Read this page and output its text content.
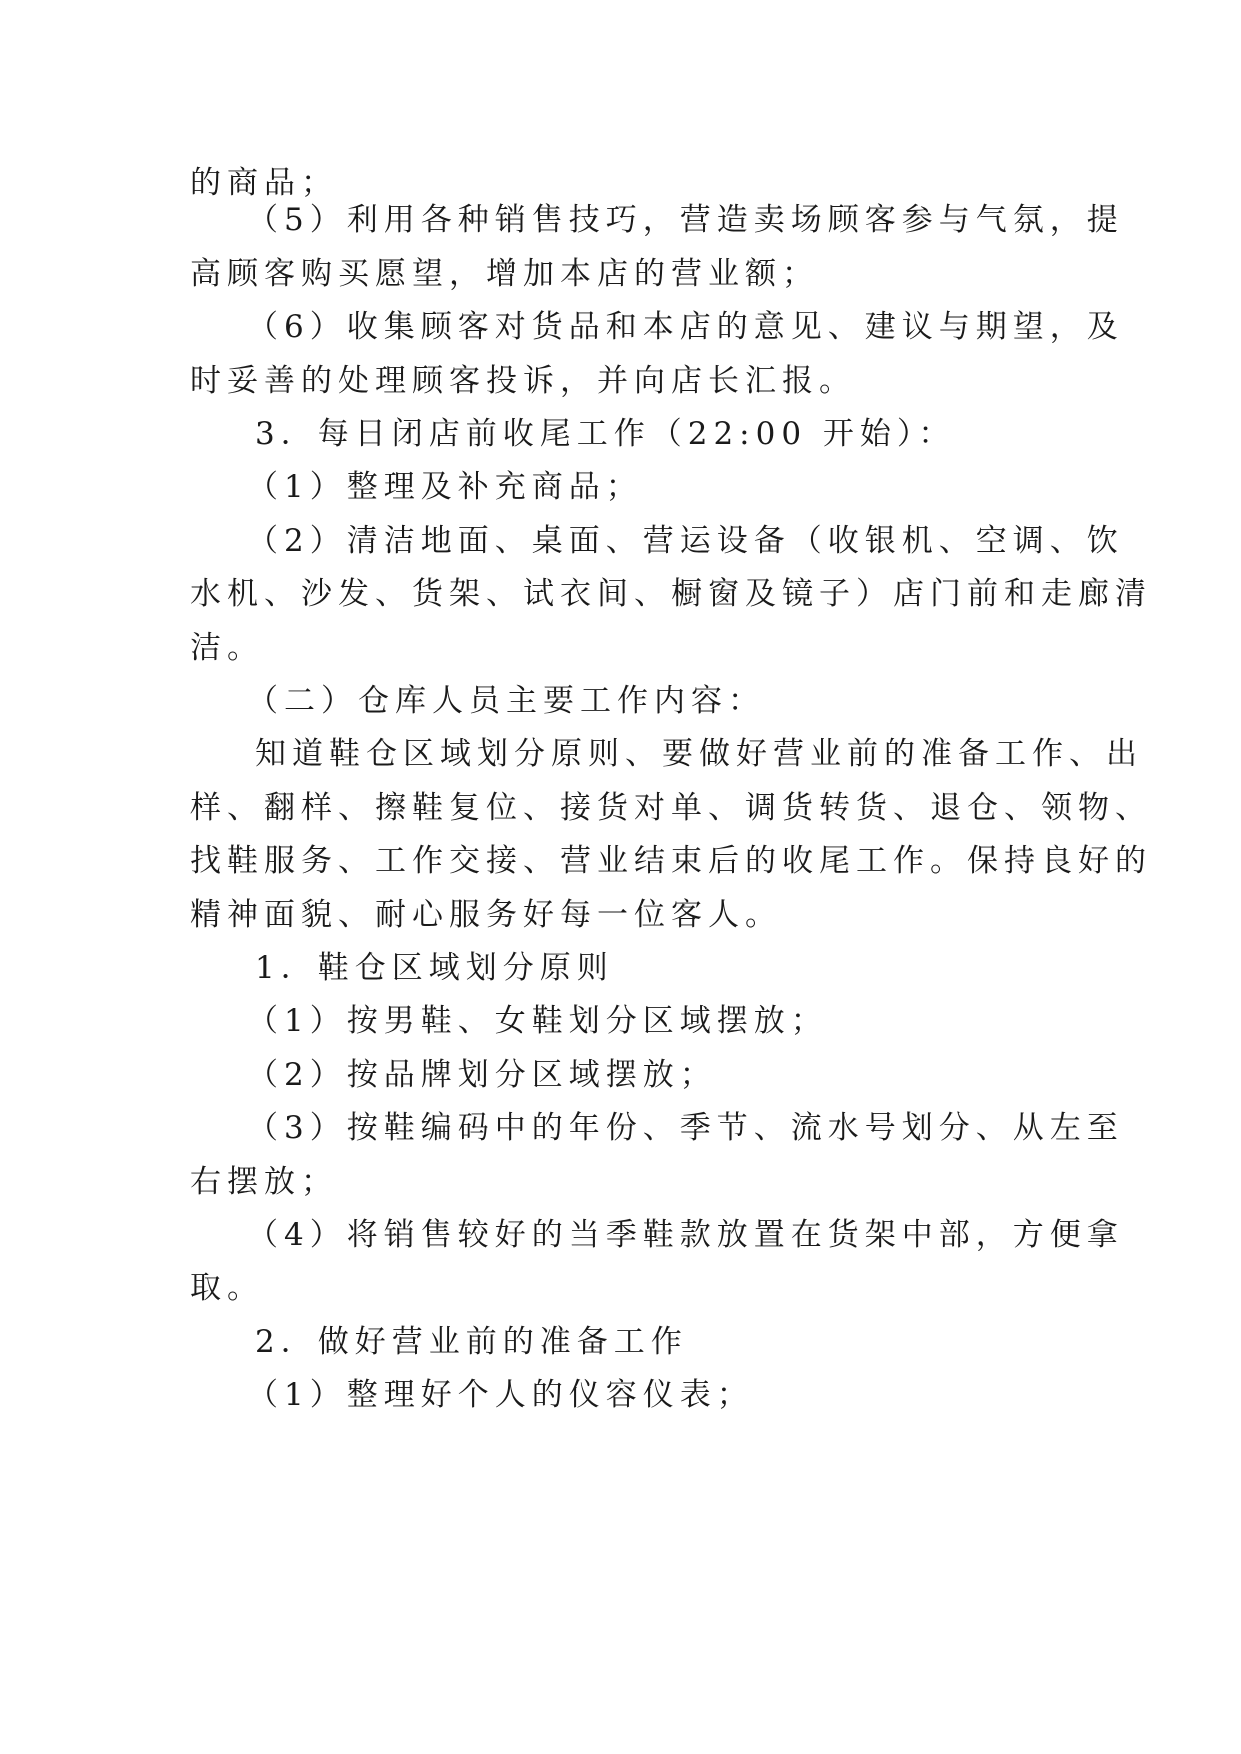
的商品；
（5）利用各种销售技巧，营造卖场顾客参与气氛，提
高顾客购买愿望，增加本店的营业额；
（6）收集顾客对货品和本店的意见、建议与期望，及
时妥善的处理顾客投诉，并向店长汇报。
3．每日闭店前收尾工作（22:00 开始）：
（1）整理及补充商品；
（2）清洁地面、桌面、营运设备（收银机、空调、饮
水机、沙发、货架、试衣间、橱窗及镜子）店门前和走廊清
洁。
（二）仓库人员主要工作内容：
知道鞋仓区域划分原则、要做好营业前的准备工作、出
样、翻样、擦鞋复位、接货对单、调货转货、退仓、领物、
找鞋服务、工作交接、营业结束后的收尾工作。保持良好的
精神面貌、耐心服务好每一位客人。
1．鞋仓区域划分原则
（1）按男鞋、女鞋划分区域摆放；
（2）按品牌划分区域摆放；
（3）按鞋编码中的年份、季节、流水号划分、从左至
右摆放；
（4）将销售较好的当季鞋款放置在货架中部，方便拿
取。
2．做好营业前的准备工作
（1）整理好个人的仪容仪表；
